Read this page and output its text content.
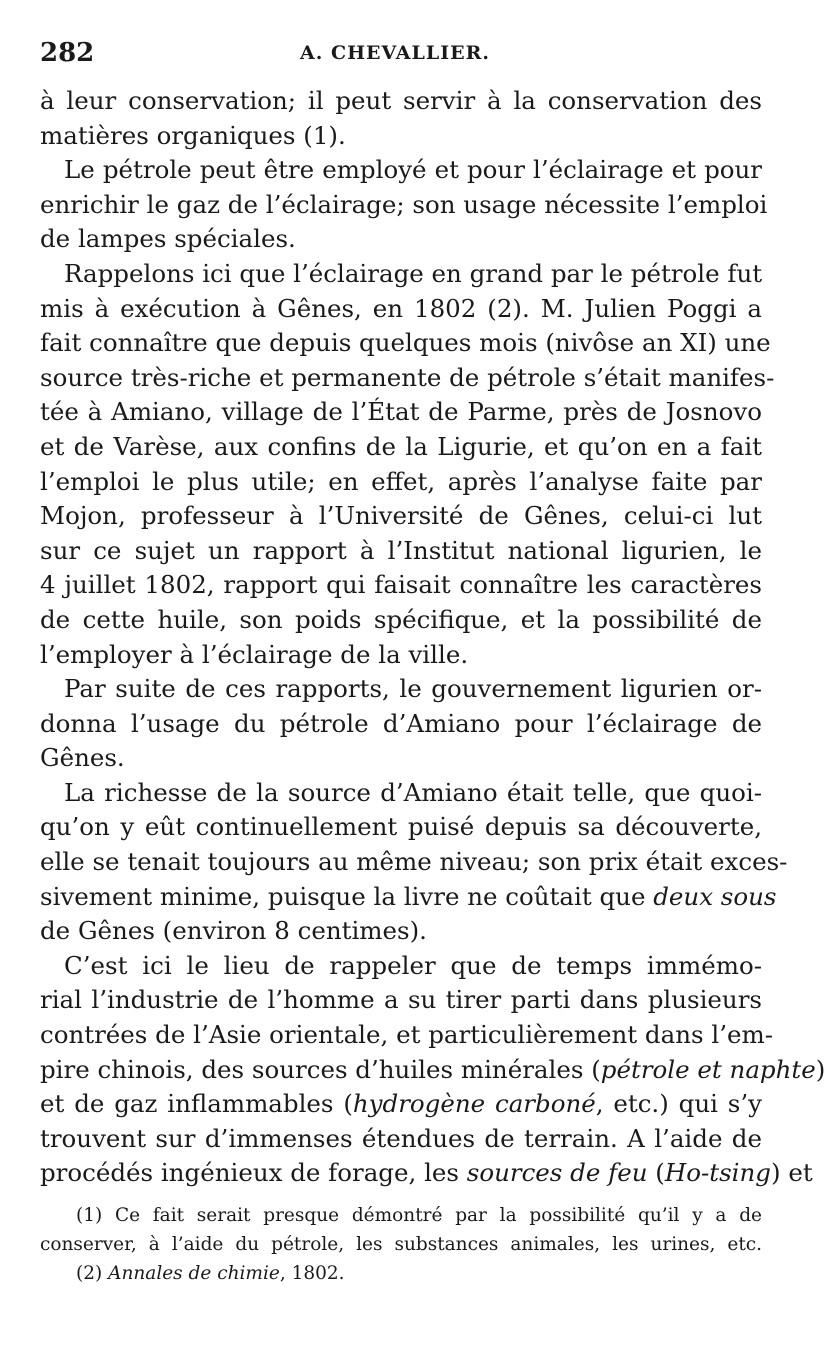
282	A. CHEVALLIER.

à leur conservation; il peut servir à la conservation des
matières organiques (1).

Le pétrole peut être employé et pour l’éclairage et pour
enrichir le gaz de l’éclairage; son usage nécessite l’emploi
de lampes spéciales.

Rappelons ici que l’éclairage en grand par le pétrole fut
mis à exécution à Gênes, en 1802 (2). M. Julien Poggi a
fait connaître que depuis quelques mois (nivôse an XI) une
source très-riche et permanente de pétrole s’était manifes-
tée à Amiano, village de l’État de Parme, près de Josnovo
et de Varèse, aux confins de la Ligurie, et qu’on en a fait
l’emploi le plus utile; en effet, après l’analyse faite par
Mojon, professeur à l’Université de Gênes, celui-ci lut
sur ce sujet un rapport à l’Institut national ligurien, le
4 juillet 1802, rapport qui faisait connaître les caractères
de cette huile, son poids spécifique, et la possibilité de
l’employer à l’éclairage de la ville.

Par suite de ces rapports, le gouvernement ligurien or-
donna l’usage du pétrole d’Amiano pour l’éclairage de
Gênes.

La richesse de la source d’Amiano était telle, que quoi-
qu’on y eût continuellement puisé depuis sa découverte,
elle se tenait toujours au même niveau; son prix était exces-
sivement minime, puisque la livre ne coûtait que deux sous
de Gênes (environ 8 centimes).

C’est ici le lieu de rappeler que de temps immémo-
rial l’industrie de l’homme a su tirer parti dans plusieurs
contrées de l’Asie orientale, et particulièrement dans l’em-
pire chinois, des sources d’huiles minérales (pétrole et naphte)
et de gaz inflammables (hydrogène carboné, etc.) qui s’y
trouvent sur d’immenses étendues de terrain. A l’aide de
procédés ingénieux de forage, les sources de feu (Ho-tsing) et

(1) Ce fait serait presque démontré par la possibilité qu’il y a de
conserver, à l’aide du pétrole, les substances animales, les urines, etc.

(2) Annales de chimie, 1802.
